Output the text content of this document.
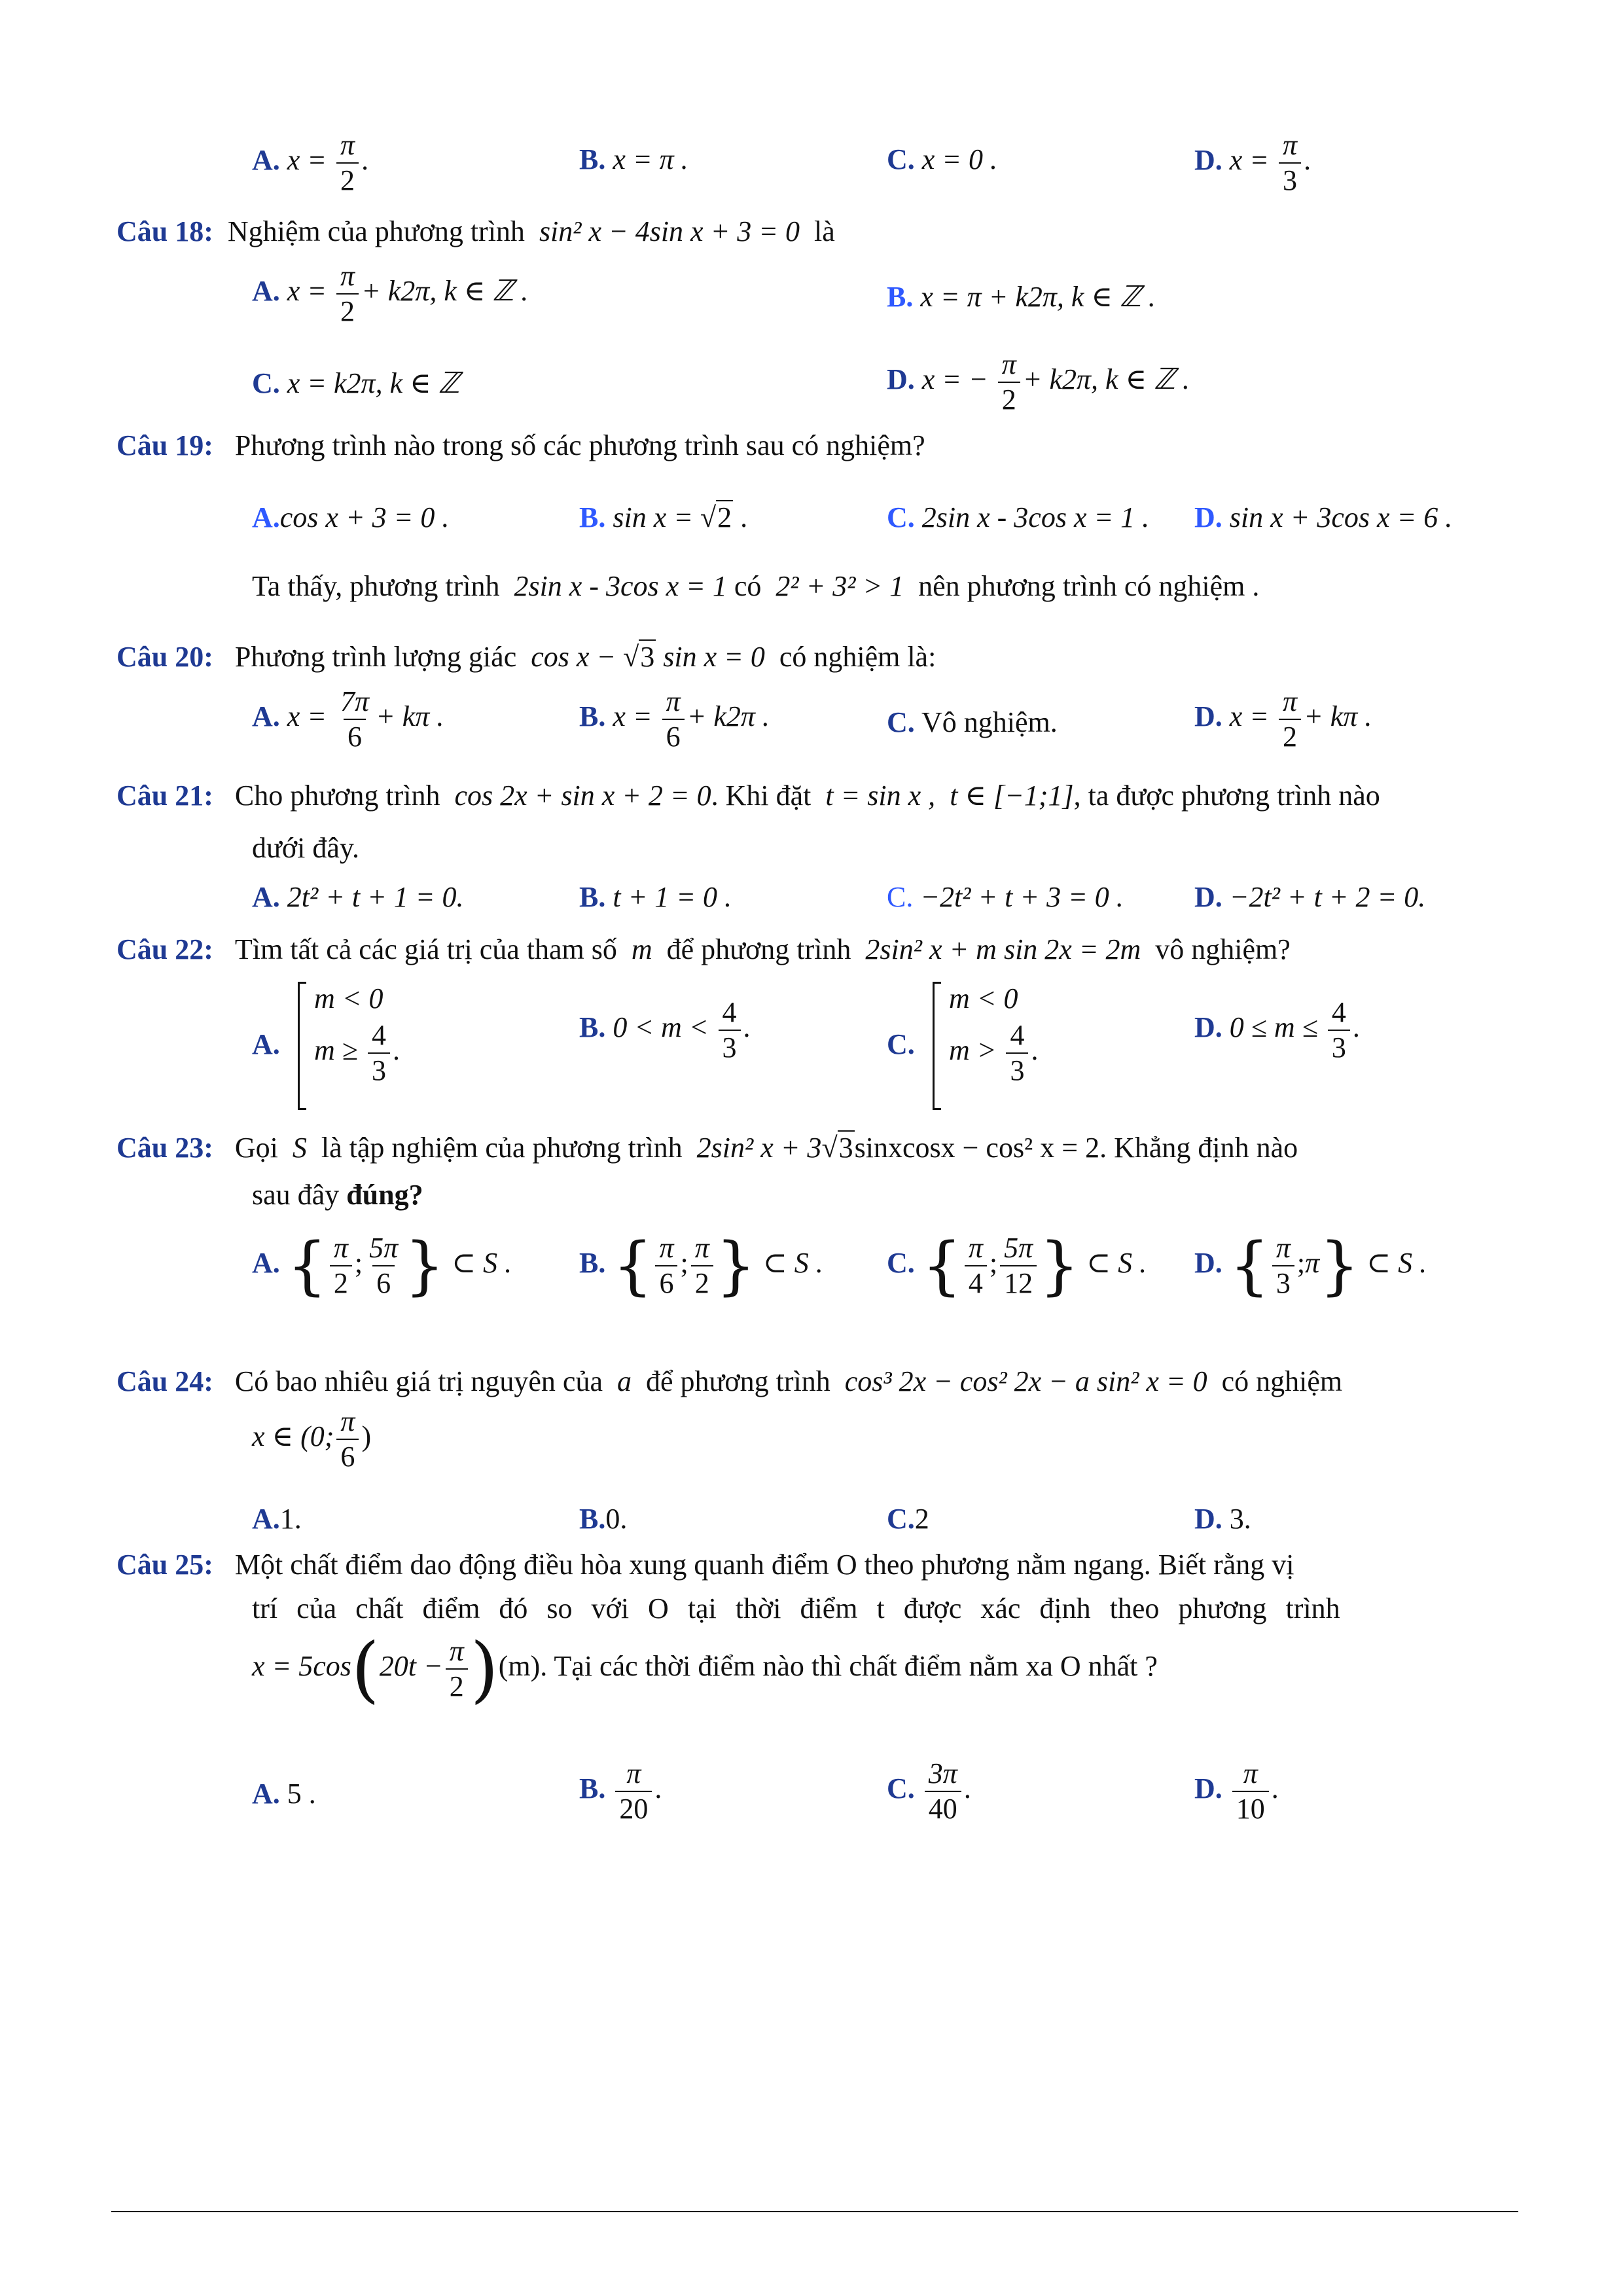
A. $x = \frac{\pi}{2}$ .	B. x = π .	C. x = 0 .	D. $x = \frac{\pi}{3}$ .
Câu 18: Nghiệm của phương trình sin² x − 4sin x + 3 = 0 là
A. $x = \frac{\pi}{2} + k2\pi$, k ∈ ℤ .	B. x = π + k2π, k ∈ ℤ .
C. x = k2π, k ∈ ℤ	D. x = − $\frac{\pi}{2} + k2\pi$, k ∈ ℤ .
Câu 19: Phương trình nào trong số các phương trình sau có nghiệm?
A.cos x + 3 = 0 .	B. sin x = √2 .	C. 2sin x - 3cos x = 1 . D. sin x + 3cos x = 6 .
Ta thấy, phương trình 2sin x - 3cos x = 1 có 2² + 3² > 1 nên phương trình có nghiệm .
Câu 20: Phương trình lượng giác cos x − √3 sin x = 0 có nghiệm là:
A. $x = \frac{7\pi}{6} + k\pi$ .	B. $x = \frac{\pi}{6} + k2\pi$ .	C. Vô nghiệm.	D. $x = \frac{\pi}{2} + k\pi$ .
Câu 21: Cho phương trình cos 2x + sin x + 2 = 0. Khi đặt t = sin x , t ∈ [−1;1], ta được phương trình nào
dưới đây.
A. 2t² + t + 1 = 0.	B. t + 1 = 0 .	C. −2t² + t + 3 = 0 . D. −2t² + t + 2 = 0.
Câu 22: Tìm tất cả các giá trị của tham số m để phương trình 2sin² x + m sin 2x = 2m vô nghiệm?
A.
m < 0
$m \ge \frac{4}{3}$ .
B. $0 < m < \frac{4}{3}$ .
C.
m < 0
$m > \frac{4}{3}$ .
D. $0 \le m \le \frac{4}{3}$ .
Câu 23: Gọi S là tập nghiệm của phương trình 2sin² x + 3√3sinxcosx − cos² x = 2. Khẳng định nào
sau đây đúng?
A. { $\frac{\pi}{2}$ ; $\frac{5\pi}{6}$ } ⊂ S . B. { $\frac{\pi}{6}$ ; $\frac{\pi}{2}$ } ⊂ S . C. { $\frac{\pi}{4}$ ; $\frac{5\pi}{12}$ } ⊂ S . D. { $\frac{\pi}{3}$ ;π} ⊂ S .
Câu 24: Có bao nhiêu giá trị nguyên của a để phương trình cos³ 2x − cos² 2x − a sin² x = 0 có nghiệm
x ∈ (0; $\frac{\pi}{6}$ )
A.1.	B.0.	C.2	D. 3.
Câu 25: Một chất điểm dao động điều hòa xung quanh điểm O theo phương nằm ngang. Biết rằng vị
trí của chất điểm đó so với O tại thời điểm t được xác định theo phương trình
$x = 5\cos(20t - \frac{\pi}{2} )(m)$. Tại các thời điểm nào thì chất điểm nằm xa O nhất ?
A. 5 .	B. $\frac{\pi}{20}$ .	C. $\frac{3\pi}{40}$ .	D. $\frac{\pi}{10}$ .
